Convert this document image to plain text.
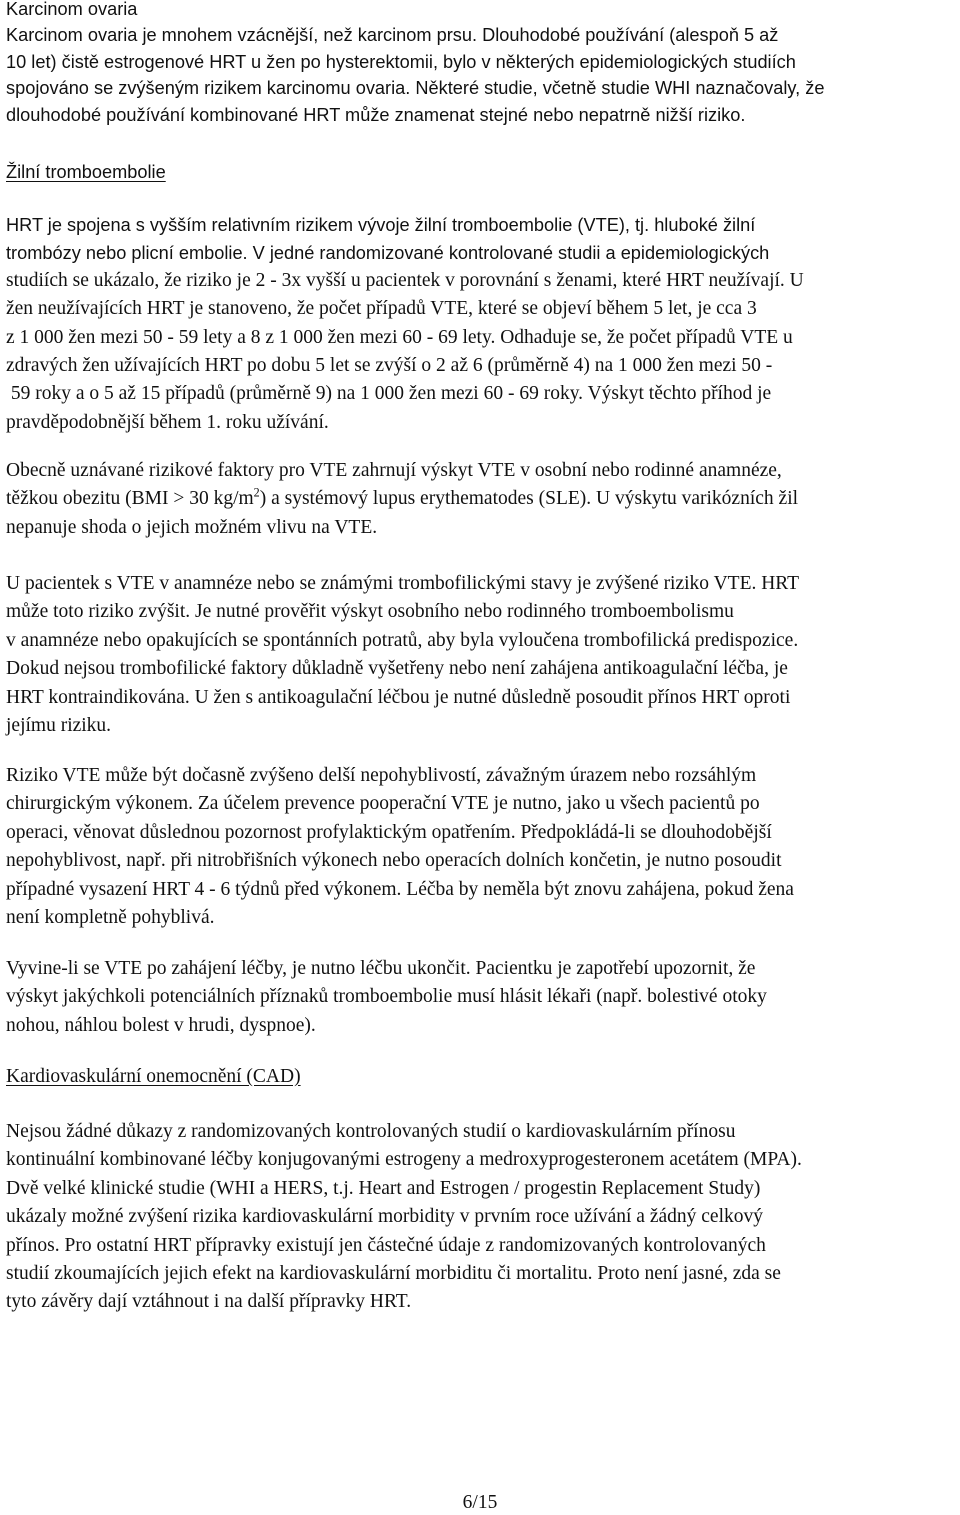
Karcinom ovaria
Karcinom ovaria je mnohem vzácnější, než karcinom prsu. Dlouhodobé používání (alespoň 5 až
10 let) čistě estrogenové HRT u žen po hysterektomii, bylo v některých epidemiologických studiích
spojováno se zvýšeným rizikem karcinomu ovaria. Některé studie, včetně studie WHI naznačovaly, že
dlouhodobé používání kombinované HRT může znamenat stejné nebo nepatrně nižší riziko.
Žilní tromboembolie
HRT je spojena s vyšším relativním rizikem vývoje žilní tromboembolie (VTE), tj. hluboké žilní
trombózy nebo plicní embolie. V jedné randomizované kontrolované studii a epidemiologických
studiích se ukázalo, že riziko je 2 - 3x vyšší u pacientek v porovnání s ženami, které HRT neužívají. U
žen neužívajících HRT je stanoveno, že počet případů VTE, které se objeví během 5 let, je cca 3
z 1 000 žen mezi 50 - 59 lety a 8 z 1 000 žen mezi 60 - 69 lety. Odhaduje se, že počet případů VTE u
zdravých žen užívajících HRT po dobu 5 let se zvýší o 2 až 6 (průměrně 4) na 1 000 žen mezi 50 -
59 roky a o 5 až 15 případů (průměrně 9) na 1 000 žen mezi 60 - 69 roky. Výskyt těchto příhod je
pravděpodobnější během 1. roku užívání.
Obecně uznávané rizikové faktory pro VTE zahrnují výskyt VTE v osobní nebo rodinné anamnéze,
těžkou obezitu (BMI > 30 $kg/m^2$) a systémový lupus erythematodes (SLE). U výskytu varikózních žil
nepanuje shoda o jejich možném vlivu na VTE.
U pacientek s VTE v anamnéze nebo se známými trombofilickými stavy je zvýšené riziko VTE. HRT
může toto riziko zvýšit. Je nutné prověřit výskyt osobního nebo rodinného tromboembolismu
v anamnéze nebo opakujících se spontánních potratů, aby byla vyloučena trombofilická predispozice.
Dokud nejsou trombofilické faktory důkladně vyšetřeny nebo není zahájena antikoagulační léčba, je
HRT kontraindikována. U žen s antikoagulační léčbou je nutné důsledně posoudit přínos HRT oproti
jejímu riziku.
Riziko VTE může být dočasně zvýšeno delší nepohyblivostí, závažným úrazem nebo rozsáhlým
chirurgickým výkonem. Za účelem prevence pooperační VTE je nutno, jako u všech pacientů po
operaci, věnovat důslednou pozornost profylaktickým opatřením. Předpokládá-li se dlouhodobější
nepohyblivost, např. při nitrobřišních výkonech nebo operacích dolních končetin, je nutno posoudit
případné vysazení HRT 4 - 6 týdnů před výkonem. Léčba by neměla být znovu zahájena, pokud žena
není kompletně pohyblivá.
Vyvine-li se VTE po zahájení léčby, je nutno léčbu ukončit. Pacientku je zapotřebí upozornit, že
výskyt jakýchkoli potenciálních příznaků tromboembolie musí hlásit lékaři (např. bolestivé otoky
nohou, náhlou bolest v hrudi, dyspnoe).
Kardiovaskulární onemocnění (CAD)
Nejsou žádné důkazy z randomizovaných kontrolovaných studií o kardiovaskulárním přínosu
kontinuální kombinované léčby konjugovanými estrogeny a medroxyprogesteronem acetátem (MPA).
Dvě velké klinické studie (WHI a HERS, t.j. Heart and Estrogen / progestin Replacement Study)
ukázaly možné zvýšení rizika kardiovaskulární morbidity v prvním roce užívání a žádný celkový
přínos. Pro ostatní HRT přípravky existují jen částečné údaje z randomizovaných kontrolovaných
studií zkoumajících jejich efekt na kardiovaskulární morbiditu či mortalitu. Proto není jasné, zda se
tyto závěry dají vztáhnout i na další přípravky HRT.
6/15
